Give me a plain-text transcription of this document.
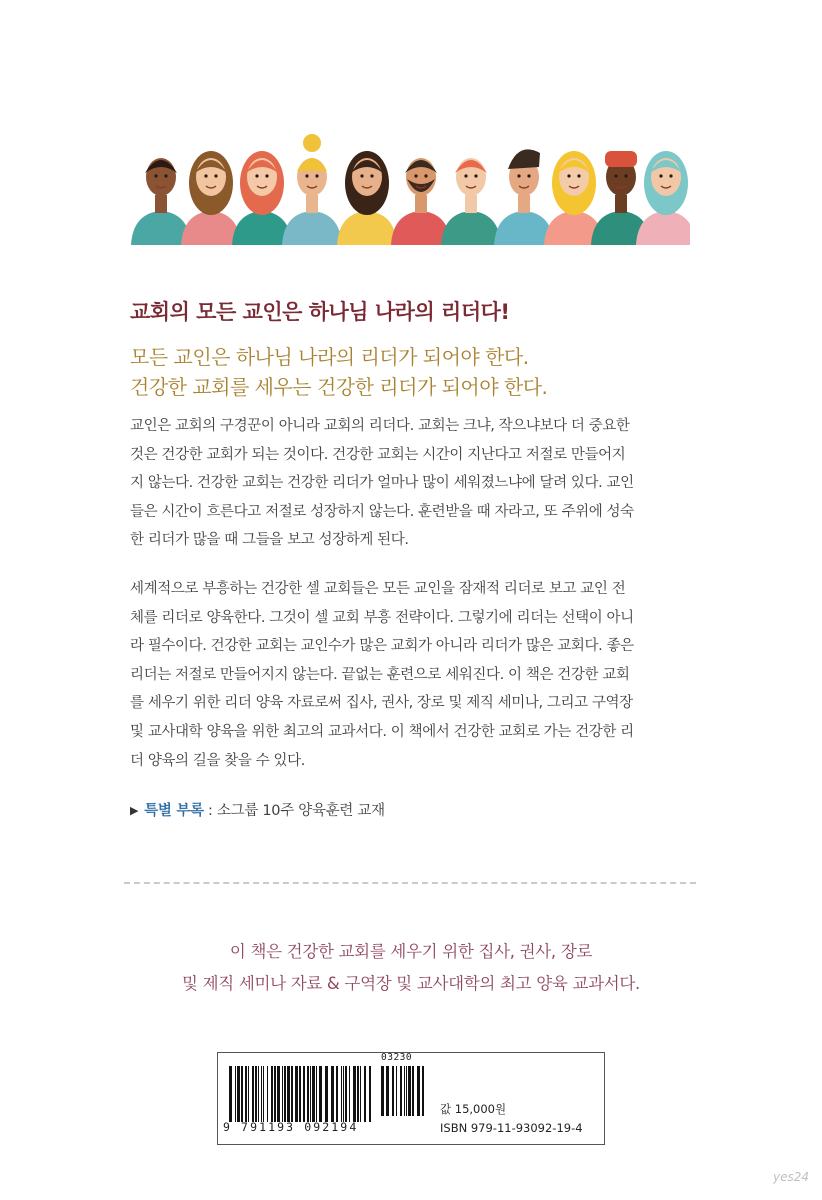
교회의 모든 교인은 하나님 나라의 리더다!
모든 교인은 하나님 나라의 리더가 되어야 한다.
건강한 교회를 세우는 건강한 리더가 되어야 한다.

교인은 교회의 구경꾼이 아니라 교회의 리더다. 교회는 크냐, 작으냐보다 더 중요한

것은 건강한 교회가 되는 것이다. 건강한 교회는 시간이 지난다고 저절로 만들어지

지 않는다. 건강한 교회는 건강한 리더가 얼마나 많이 세워졌느냐에 달려 있다. 교인

들은 시간이 흐른다고 저절로 성장하지 않는다. 훈련받을 때 자라고, 또 주위에 성숙

한 리더가 많을 때 그들을 보고 성장하게 된다.

세계적으로 부흥하는 건강한 셀 교회들은 모든 교인을 잠재적 리더로 보고 교인 전

체를 리더로 양육한다. 그것이 셀 교회 부흥 전략이다. 그렇기에 리더는 선택이 아니

라 필수이다. 건강한 교회는 교인수가 많은 교회가 아니라 리더가 많은 교회다. 좋은

리더는 저절로 만들어지지 않는다. 끝없는 훈련으로 세워진다. 이 책은 건강한 교회

를 세우기 위한 리더 양육 자료로써 집사, 권사, 장로 및 제직 세미나, 그리고 구역장

및 교사대학 양육을 위한 최고의 교과서다. 이 책에서 건강한 교회로 가는 건강한 리

더 양육의 길을 찾을 수 있다.

▶ 특별 부록 : 소그룹 10주 양육훈련 교재
이 책은 건강한 교회를 세우기 위한 집사, 권사, 장로
및 제직 세미나 자료 & 구역장 및 교사대학의 최고 양육 교과서다.
03230
9 791193 092194
값 15,000원
ISBN 979-11-93092-19-4
yes24
